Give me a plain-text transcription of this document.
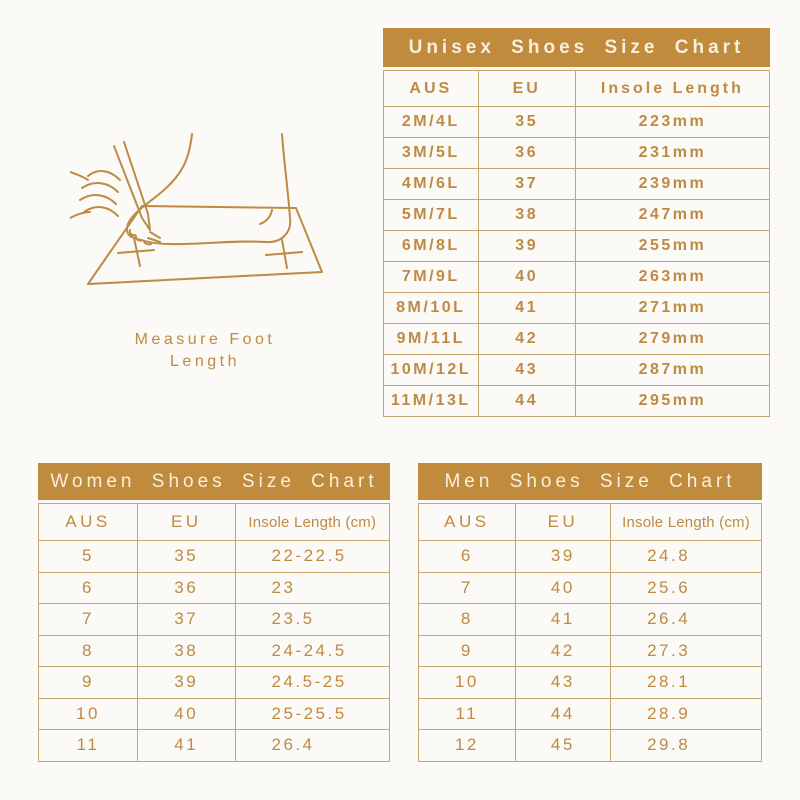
Unisex Shoes Size Chart
AUS	EU	Insole Length
2M/4L	35	223mm
3M/5L	36	231mm
4M/6L	37	239mm
5M/7L	38	247mm
6M/8L	39	255mm
7M/9L	40	263mm
8M/10L	41	271mm
9M/11L	42	279mm
10M/12L	43	287mm
11M/13L	44	295mm
Measure Foot
Length
Women Shoes Size Chart
AUS	EU	Insole Length (cm)
5	35	22-22.5
6	36	23
7	37	23.5
8	38	24-24.5
9	39	24.5-25
10	40	25-25.5
11	41	26.4
Men Shoes Size Chart
AUS	EU	Insole Length (cm)
6	39	24.8
7	40	25.6
8	41	26.4
9	42	27.3
10	43	28.1
11	44	28.9
12	45	29.8
